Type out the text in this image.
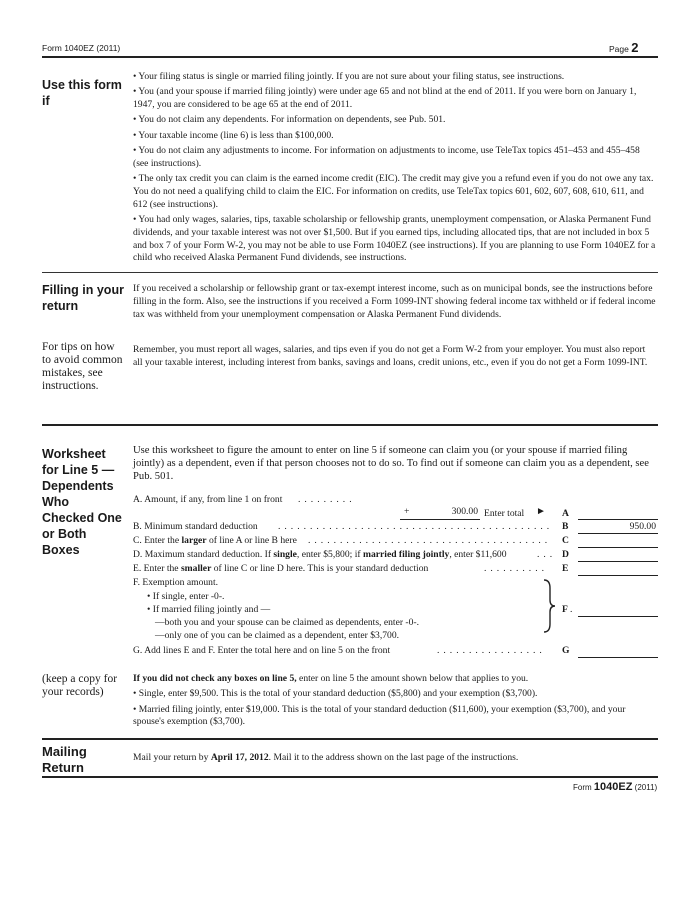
Form 1040EZ (2011)	Page 2
Use this form if

• Your filing status is single or married filing jointly. If you are not sure about your filing status, see instructions.

• You (and your spouse if married filing jointly) were under age 65 and not blind at the end of 2011. If you were born on January 1, 1947, you are considered to be age 65 at the end of 2011.

• You do not claim any dependents. For information on dependents, see Pub. 501.

• Your taxable income (line 6) is less than $100,000.

• You do not claim any adjustments to income. For information on adjustments to income, use TeleTax topics 451–453 and 455–458 (see instructions).

• The only tax credit you can claim is the earned income credit (EIC). The credit may give you a refund even if you do not owe any tax. You do not need a qualifying child to claim the EIC. For information on credits, use TeleTax topics 601, 602, 607, 608, 610, 611, and 612 (see instructions).

• You had only wages, salaries, tips, taxable scholarship or fellowship grants, unemployment compensation, or Alaska Permanent Fund dividends, and your taxable interest was not over $1,500. But if you earned tips, including allocated tips, that are not included in box 5 and box 7 of your Form W-2, you may not be able to use Form 1040EZ (see instructions). If you are planning to use Form 1040EZ for a child who received Alaska Permanent Fund dividends, see instructions.

Filling in your return
If you received a scholarship or fellowship grant or tax-exempt interest income, such as on municipal bonds, see the instructions before filling in the form. Also, see the instructions if you received a Form 1099-INT showing federal income tax withheld or if federal income tax was withheld from your unemployment compensation or Alaska Permanent Fund dividends.
For tips on how to avoid common mistakes, see instructions.
Remember, you must report all wages, salaries, and tips even if you do not get a Form W-2 from your employer. You must also report all your taxable interest, including interest from banks, savings and loans, credit unions, etc., even if you do not get a Form 1099-INT.
Worksheet for Line 5 — Dependents Who Checked One or Both Boxes
Use this worksheet to figure the amount to enter on line 5 if someone can claim you (or your spouse if married filing jointly) as a dependent, even if that person chooses not to do so. To find out if someone can claim you as a dependent, see Pub. 501.
A. Amount, if any, from line 1 on front .........
+	300.00 Enter total ► A
B. Minimum standard deduction ........................................... B	950.00
C. Enter the larger of line A or line B here ......................................	C
D. Maximum standard deduction. If single, enter $5,800; if married filing jointly, enter $11,600	... D
E. Enter the smaller of line C or line D here. This is your standard deduction	..........	E
F. Exemption amount.
• If single, enter -0-.
• If married filing jointly and —
—both you and your spouse can be claimed as dependents, enter -0-.
—only one of you can be claimed as a dependent, enter $3,700.
F .
G. Add lines E and F. Enter the total here and on line 5 on the front	.................	G
(keep a copy for your records)

If you did not check any boxes on line 5, enter on line 5 the amount shown below that applies to you.

• Single, enter $9,500. This is the total of your standard deduction ($5,800) and your exemption ($3,700).

• Married filing jointly, enter $19,000. This is the total of your standard deduction ($11,600), your exemption ($3,700), and your spouse's exemption ($3,700).

Mailing Return
Mail your return by April 17, 2012. Mail it to the address shown on the last page of the instructions.
Form 1040EZ (2011)
